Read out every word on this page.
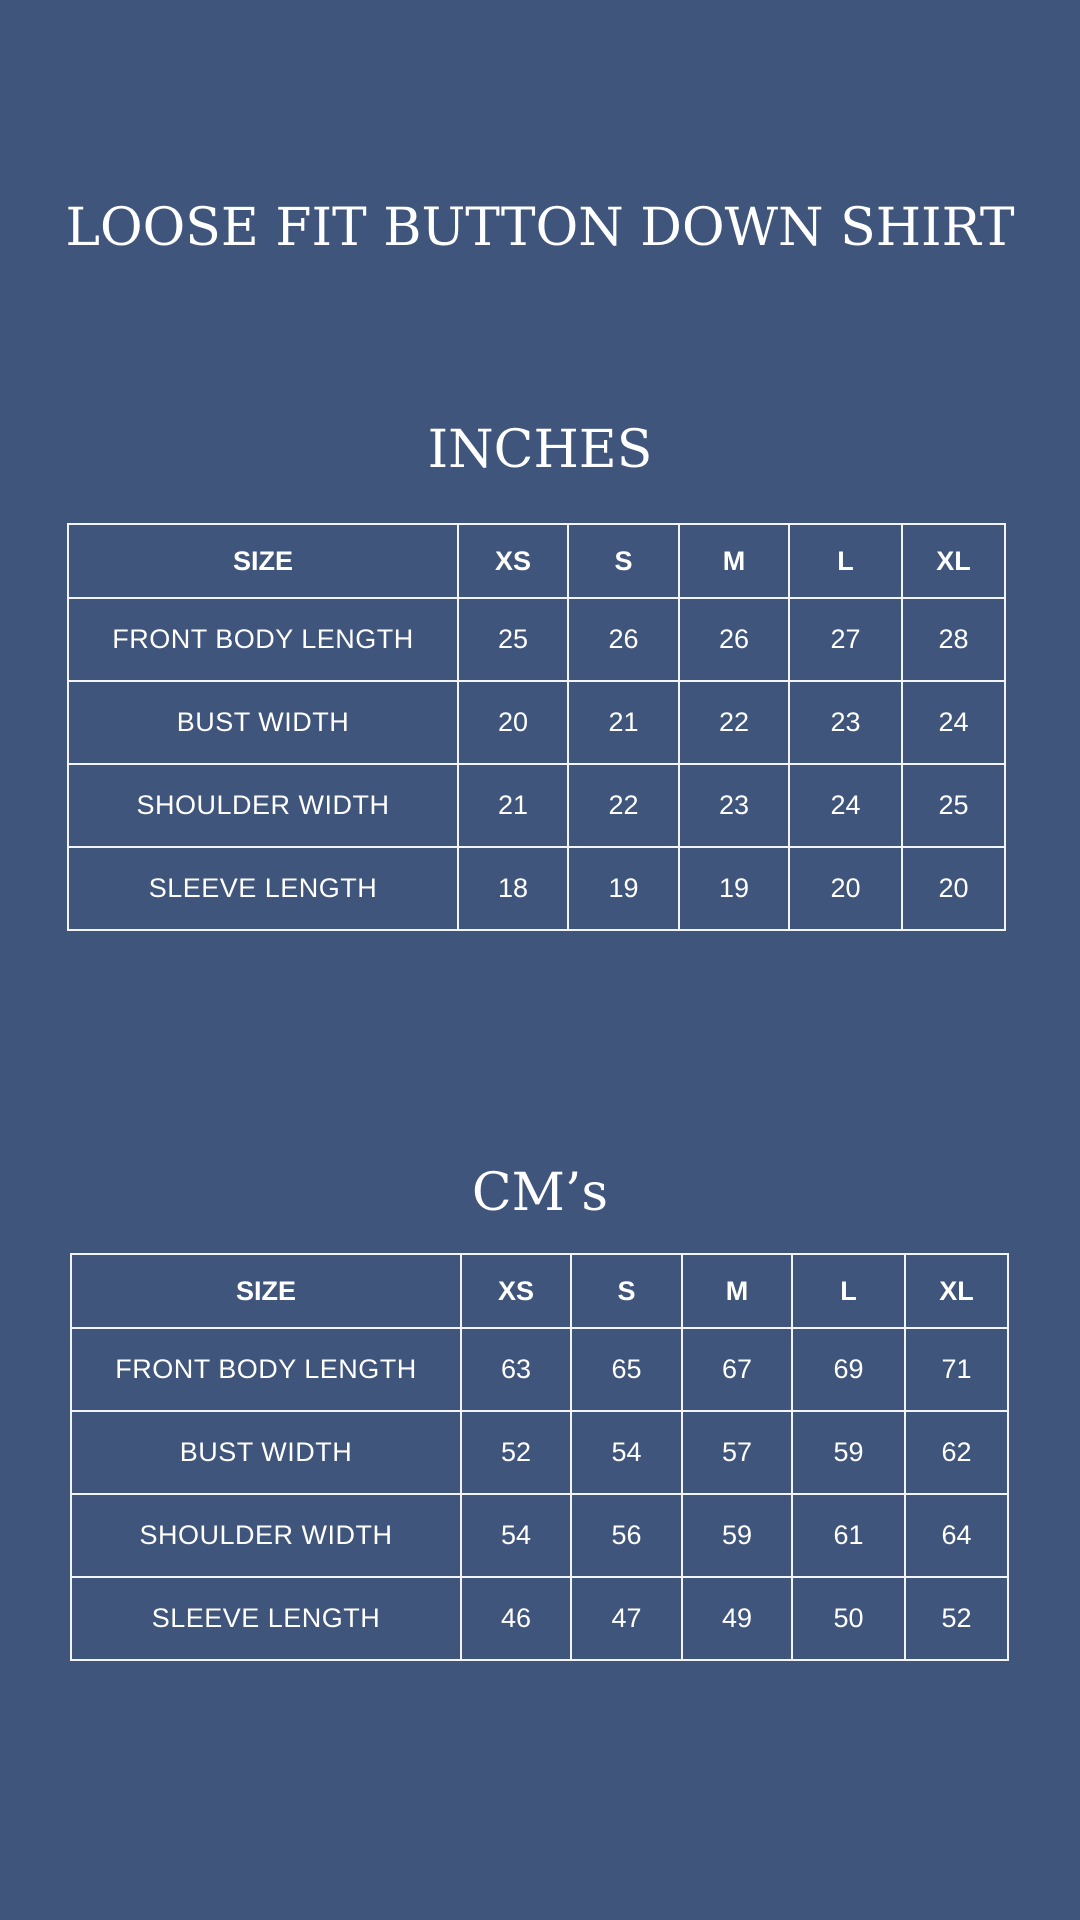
LOOSE FIT BUTTON DOWN SHIRT
INCHES
SIZE	XS	S	M	L	XL
FRONT BODY LENGTH	25	26	26	27	28
BUST WIDTH	20	21	22	23	24
SHOULDER WIDTH	21	22	23	24	25
SLEEVE LENGTH	18	19	19	20	20
CM’s
SIZE	XS	S	M	L	XL
FRONT BODY LENGTH	63	65	67	69	71
BUST WIDTH	52	54	57	59	62
SHOULDER WIDTH	54	56	59	61	64
SLEEVE LENGTH	46	47	49	50	52
